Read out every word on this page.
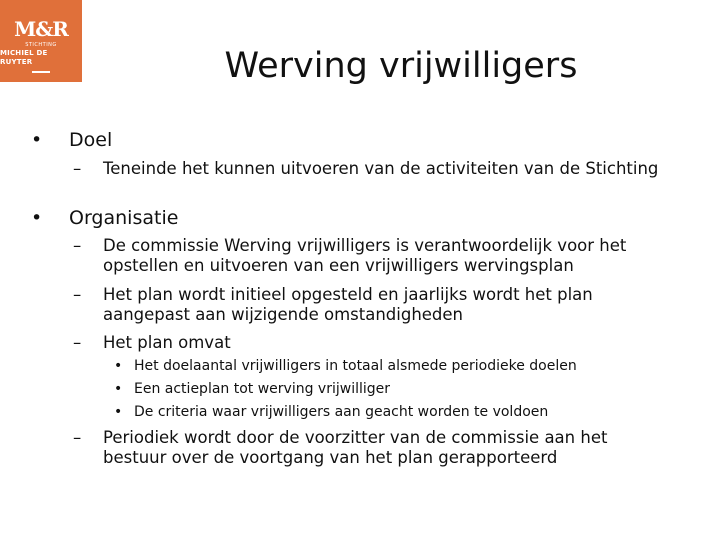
M&R
STICHTING
MICHIEL DE RUYTER	Werving vrijwilligers
• Doel
– Teneinde het kunnen uitvoeren van de activiteiten van de Stichting
• Organisatie
– De commissie Werving vrijwilligers is verantwoordelijk voor het opstellen en uitvoeren van een vrijwilligers wervingsplan
– Het plan wordt initieel opgesteld en jaarlijks wordt het plan aangepast aan wijzigende omstandigheden
– Het plan omvat
• Het doelaantal vrijwilligers in totaal alsmede periodieke doelen
• Een actieplan tot werving vrijwilliger
• De criteria waar vrijwilligers aan geacht worden te voldoen
– Periodiek wordt door de voorzitter van de commissie aan het bestuur over de voortgang van het plan gerapporteerd
